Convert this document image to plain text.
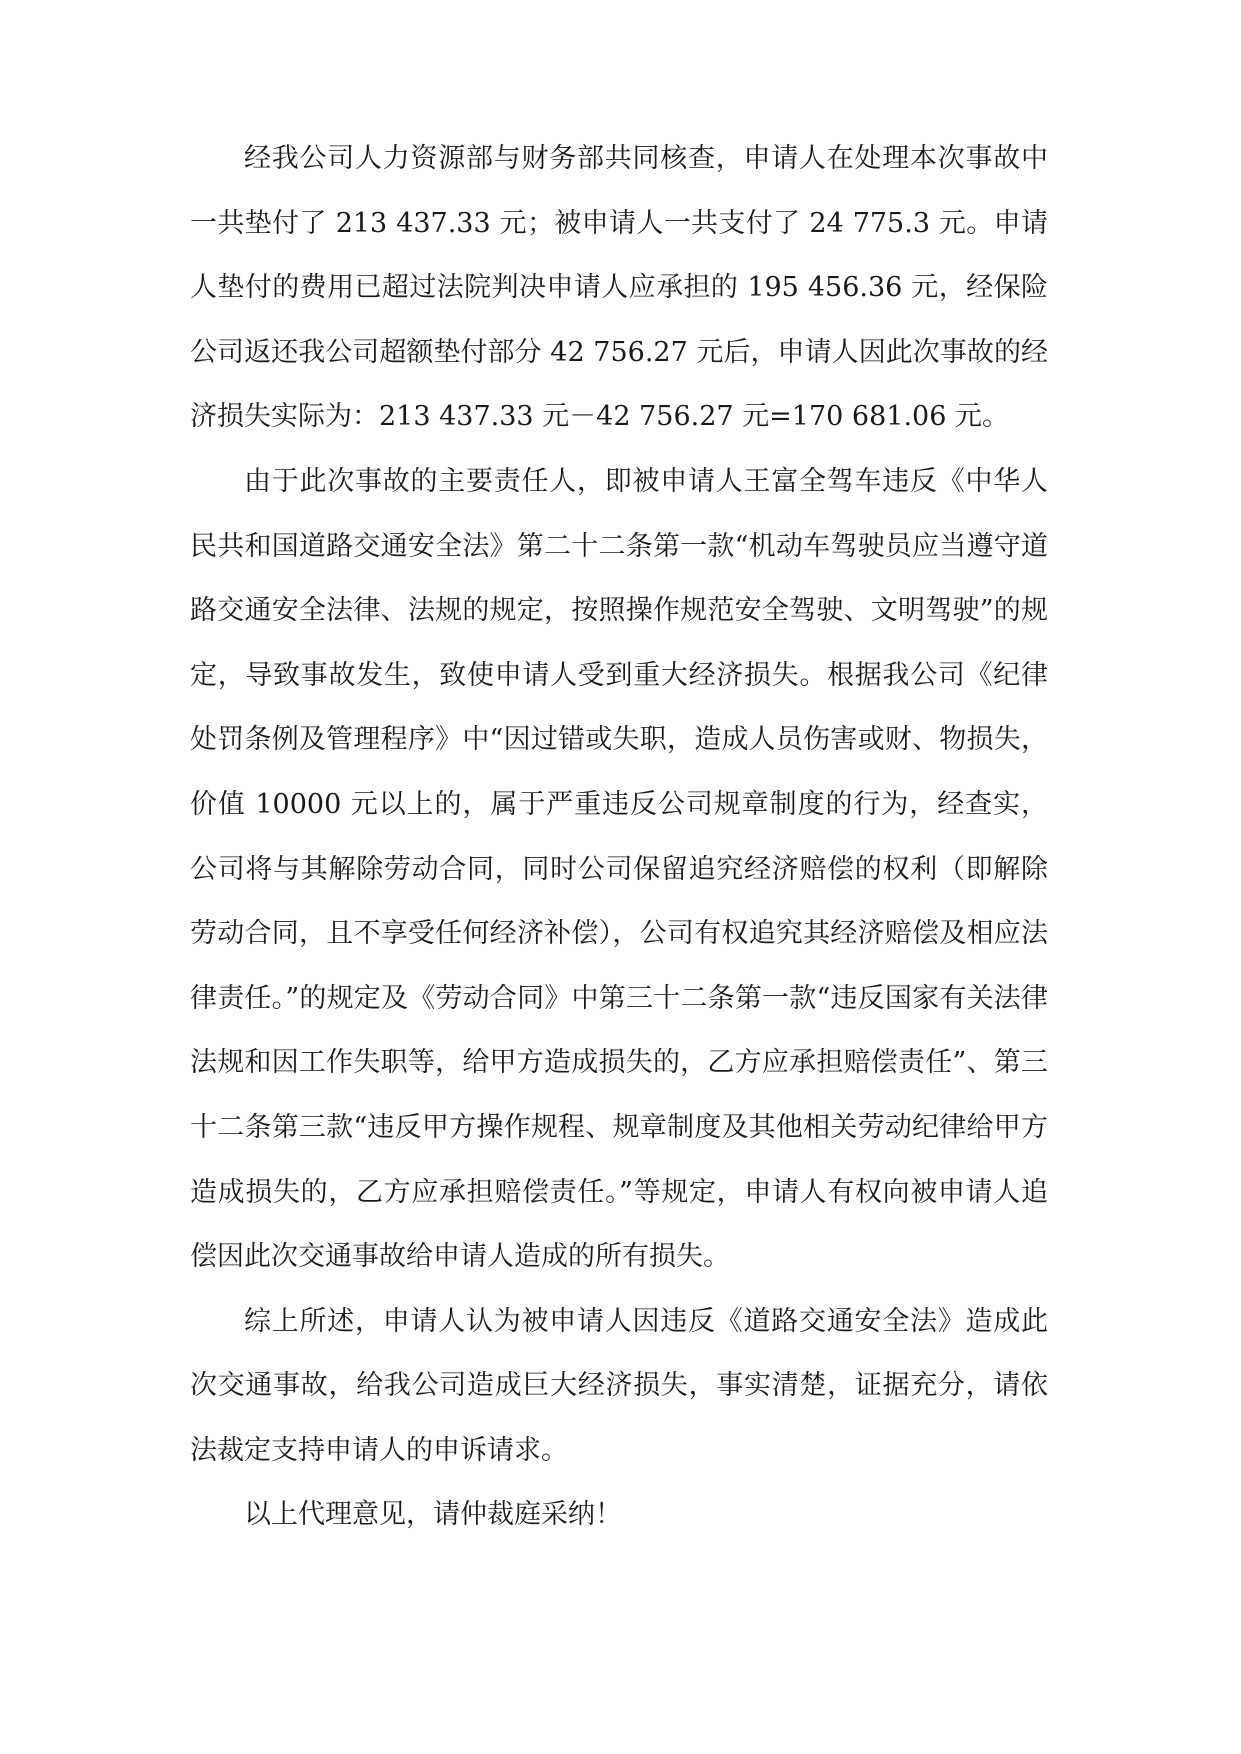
经我公司人力资源部与财务部共同核查，申请人在处理本次事故中一共垫付了 213 437.33 元；被申请人一共支付了 24 775.3 元。申请人垫付的费用已超过法院判决申请人应承担的 195 456.36 元，经保险公司返还我公司超额垫付部分 42 756.27 元后，申请人因此次事故的经济损失实际为：213 437.33 元－42 756.27 元=170 681.06 元。

由于此次事故的主要责任人，即被申请人王富全驾车违反《中华人民共和国道路交通安全法》第二十二条第一款“机动车驾驶员应当遵守道路交通安全法律、法规的规定，按照操作规范安全驾驶、文明驾驶”的规定，导致事故发生，致使申请人受到重大经济损失。根据我公司《纪律处罚条例及管理程序》中“因过错或失职，造成人员伤害或财、物损失，价值 10000 元以上的，属于严重违反公司规章制度的行为，经查实，公司将与其解除劳动合同，同时公司保留追究经济赔偿的权利（即解除劳动合同，且不享受任何经济补偿），公司有权追究其经济赔偿及相应法律责任。”的规定及《劳动合同》中第三十二条第一款“违反国家有关法律法规和因工作失职等，给甲方造成损失的，乙方应承担赔偿责任”、第三十二条第三款“违反甲方操作规程、规章制度及其他相关劳动纪律给甲方造成损失的，乙方应承担赔偿责任。”等规定，申请人有权向被申请人追偿因此次交通事故给申请人造成的所有损失。

综上所述，申请人认为被申请人因违反《道路交通安全法》造成此次交通事故，给我公司造成巨大经济损失，事实清楚，证据充分，请依法裁定支持申请人的申诉请求。

以上代理意见，请仲裁庭采纳！
